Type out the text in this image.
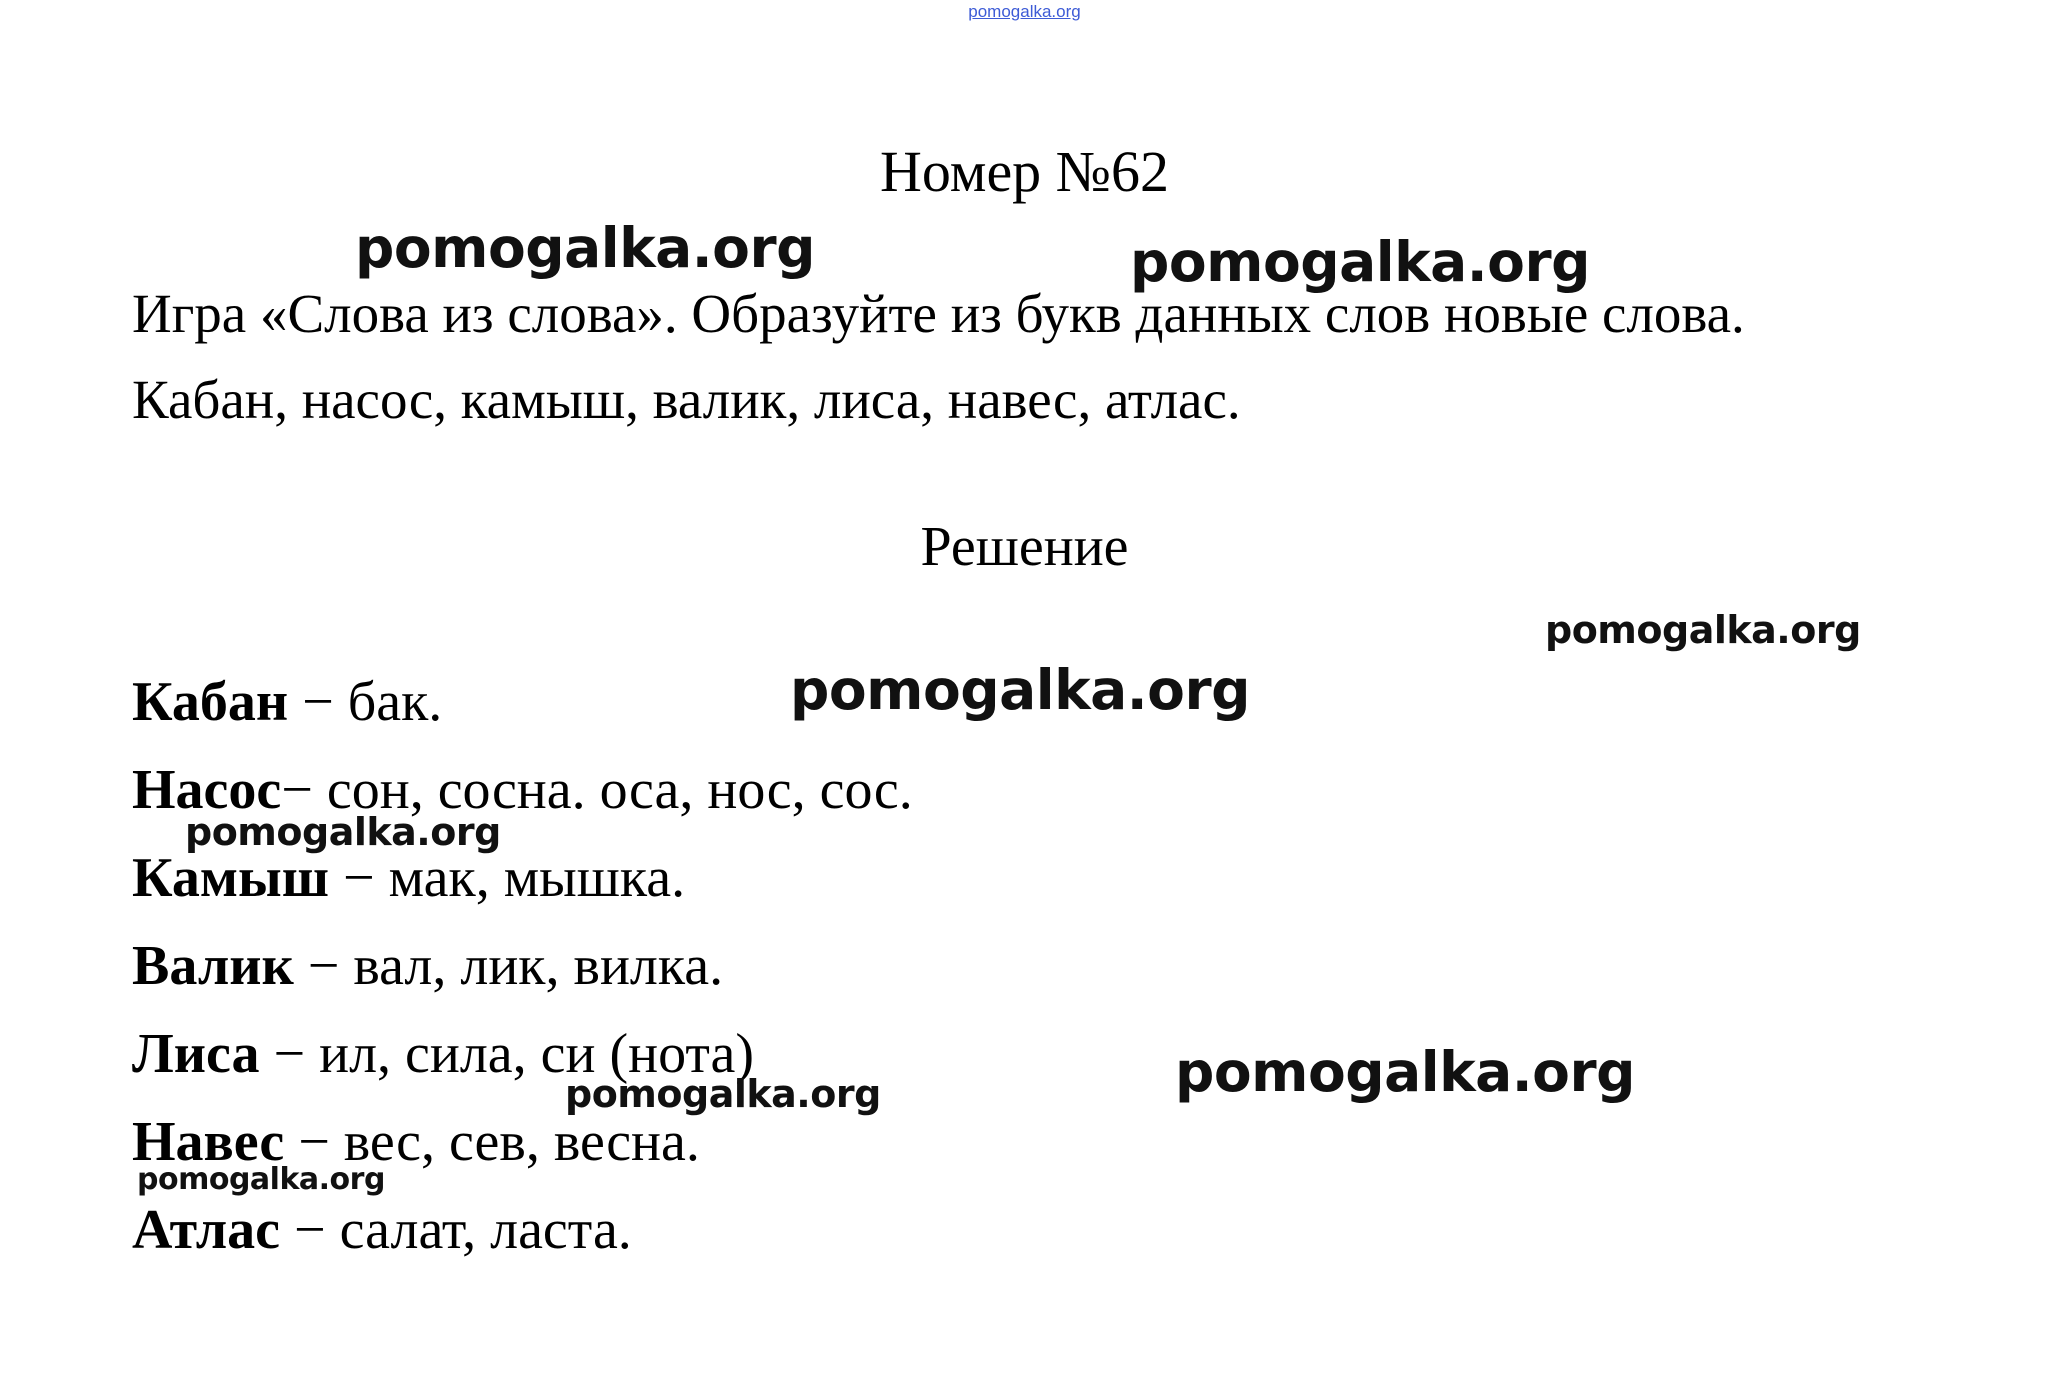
pomogalka.org
Номер №62
Игра «Слова из слова». Образуйте из букв данных слов новые слова.
Кабан, насос, камыш, валик, лиса, навес, атлас.
Решение
Кабан − бак.
Насос− сон, сосна. оса, нос, сос.
Камыш − мак, мышка.
Валик − вал, лик, вилка.
Лиса − ил, сила, си (нота)
Навес − вес, сев, весна.
Атлас − салат, ласта.
pomogalka.org	pomogalka.org
pomogalka.org
pomogalka.org
pomogalka.org
pomogalka.org
pomogalka.org
pomogalka.org
